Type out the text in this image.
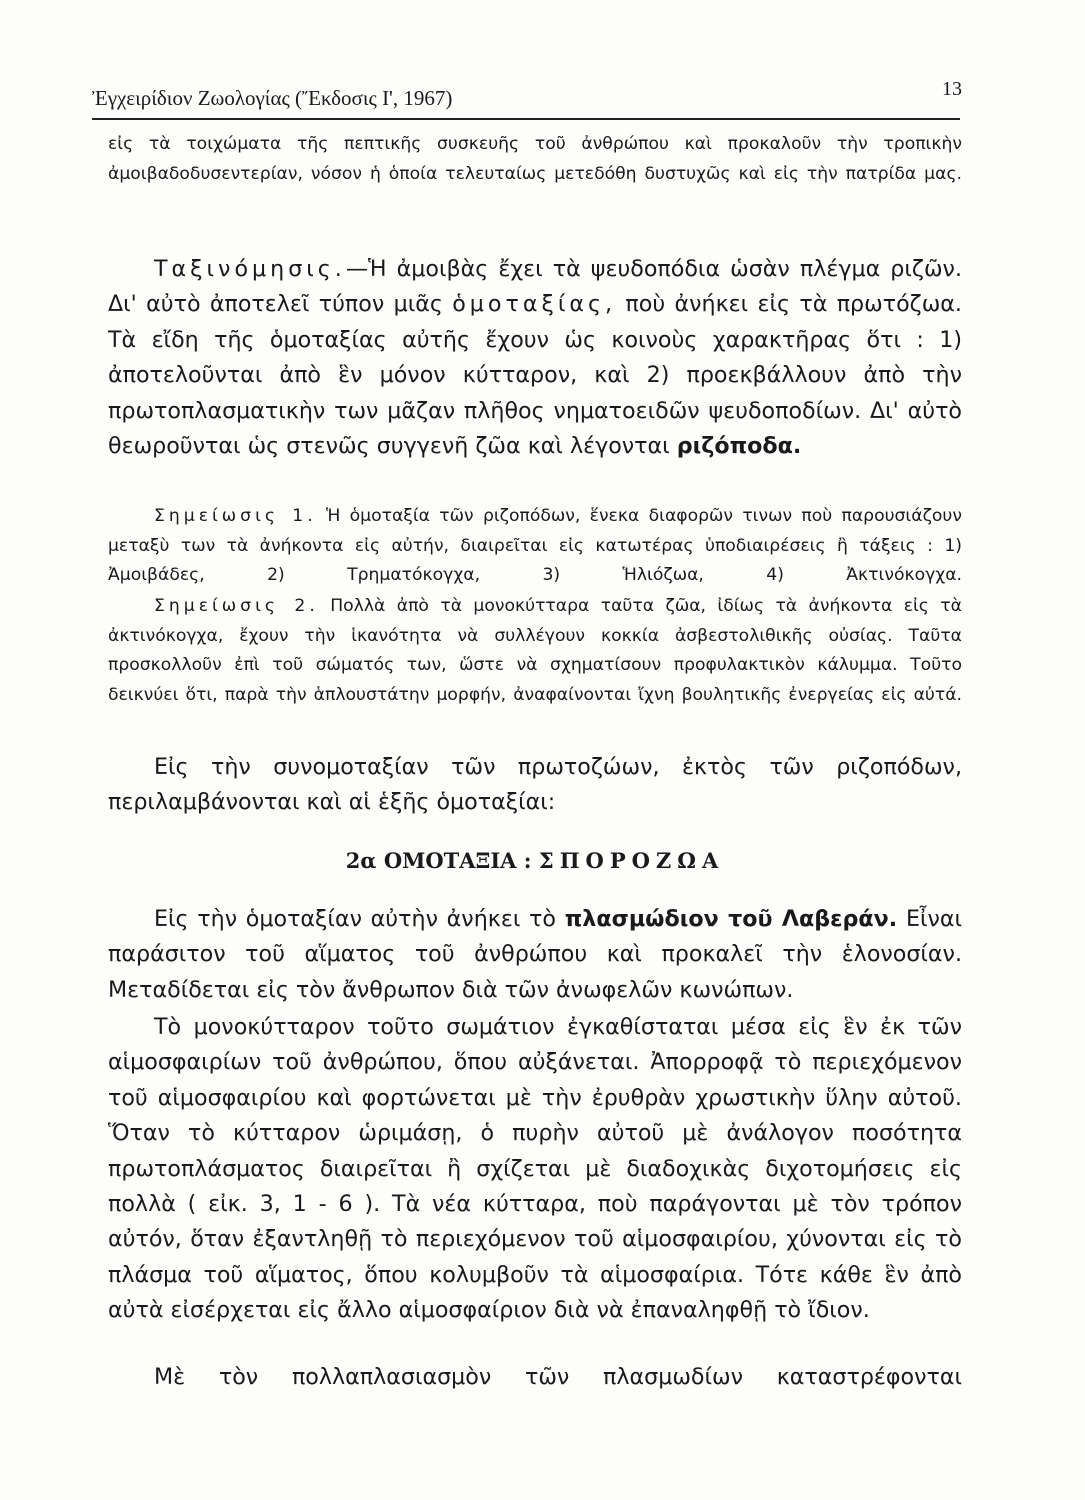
Ἐγχειρίδιον Ζωολογίας (Ἔκδοσις Ι', 1967)	13

εἰς τὰ τοιχώματα τῆς πεπτικῆς συσκευῆς τοῦ ἀνθρώπου καὶ προκαλοῦν τὴν τροπικὴν ἀμοιβαδοδυσεντερίαν, νόσον ἡ ὁποία τελευταίως μετεδόθη δυστυχῶς καὶ εἰς τὴν πατρίδα μας.

Ταξινόμησις.—Ἡ ἀμοιβὰς ἔχει τὰ ψευδοπόδια ὡσὰν πλέγμα ριζῶν. Δι' αὐτὸ ἀποτελεῖ τύπον μιᾶς ὁμοταξίας, ποὺ ἀνήκει εἰς τὰ πρωτόζωα. Τὰ εἴδη τῆς ὁμοταξίας αὐτῆς ἔχουν ὡς κοινοὺς χαρακτῆρας ὅτι : 1) ἀποτελοῦνται ἀπὸ ἓν μόνον κύτταρον, καὶ 2) προεκβάλλουν ἀπὸ τὴν πρωτοπλασματικὴν των μᾶζαν πλῆθος νηματοειδῶν ψευδοποδίων. Δι' αὐτὸ θεωροῦνται ὡς στενῶς συγγενῆ ζῶα καὶ λέγονται ριζόποδα.

Σημείωσις 1. Ἡ ὁμοταξία τῶν ριζοπόδων, ἕνεκα διαφορῶν τινων ποὺ παρουσιάζουν μεταξὺ των τὰ ἀνήκοντα εἰς αὐτήν, διαιρεῖται εἰς κατωτέρας ὑποδιαιρέσεις ἢ τάξεις : 1) Ἀμοιβάδες, 2) Τρηματόκογχα, 3) Ἡλιόζωα, 4) Ἀκτινόκογχα.

Σημείωσις 2. Πολλὰ ἀπὸ τὰ μονοκύτταρα ταῦτα ζῶα, ἰδίως τὰ ἀνήκοντα εἰς τὰ ἀκτινόκογχα, ἔχουν τὴν ἱκανότητα νὰ συλλέγουν κοκκία ἀσβεστολιθικῆς οὐσίας. Ταῦτα προσκολλοῦν ἐπὶ τοῦ σώματός των, ὥστε νὰ σχηματίσουν προφυλακτικὸν κάλυμμα. Τοῦτο δεικνύει ὅτι, παρὰ τὴν ἁπλουστάτην μορφήν, ἀναφαίνονται ἴχνη βουλητικῆς ἐνεργείας εἰς αὐτά.

Εἰς τὴν συνομοταξίαν τῶν πρωτοζώων, ἐκτὸς τῶν ριζοπόδων, περιλαμβάνονται καὶ αἱ ἑξῆς ὁμοταξίαι:

2α ΟΜΟΤΑΞΙΑ : ΣΠΟΡΟΖΩΑ

Εἰς τὴν ὁμοταξίαν αὐτὴν ἀνήκει τὸ πλασμώδιον τοῦ Λαβεράν. Εἶναι παράσιτον τοῦ αἵματος τοῦ ἀνθρώπου καὶ προκαλεῖ τὴν ἑλονοσίαν. Μεταδίδεται εἰς τὸν ἄνθρωπον διὰ τῶν ἀνωφελῶν κωνώπων.

Τὸ μονοκύτταρον τοῦτο σωμάτιον ἐγκαθίσταται μέσα εἰς ἓν ἐκ τῶν αἱμοσφαιρίων τοῦ ἀνθρώπου, ὅπου αὐξάνεται. Ἀπορροφᾷ τὸ περιεχόμενον τοῦ αἱμοσφαιρίου καὶ φορτώνεται μὲ τὴν ἐρυθρὰν χρωστικὴν ὕλην αὐτοῦ. Ὅταν τὸ κύτταρον ὡριμάσῃ, ὁ πυρὴν αὐτοῦ μὲ ἀνάλογον ποσότητα πρωτοπλάσματος διαιρεῖται ἢ σχίζεται μὲ διαδοχικὰς διχοτομήσεις εἰς πολλὰ ( εἰκ. 3, 1 - 6 ). Τὰ νέα κύτταρα, ποὺ παράγονται μὲ τὸν τρόπον αὐτόν, ὅταν ἐξαντληθῇ τὸ περιεχόμενον τοῦ αἱμοσφαιρίου, χύνονται εἰς τὸ πλάσμα τοῦ αἵματος, ὅπου κολυμβοῦν τὰ αἱμοσφαίρια. Τότε κάθε ἓν ἀπὸ αὐτὰ εἰσέρχεται εἰς ἄλλο αἱμοσφαίριον διὰ νὰ ἐπαναληφθῇ τὸ ἴδιον.

Μὲ τὸν πολλαπλασιασμὸν τῶν πλασμωδίων καταστρέφονται
